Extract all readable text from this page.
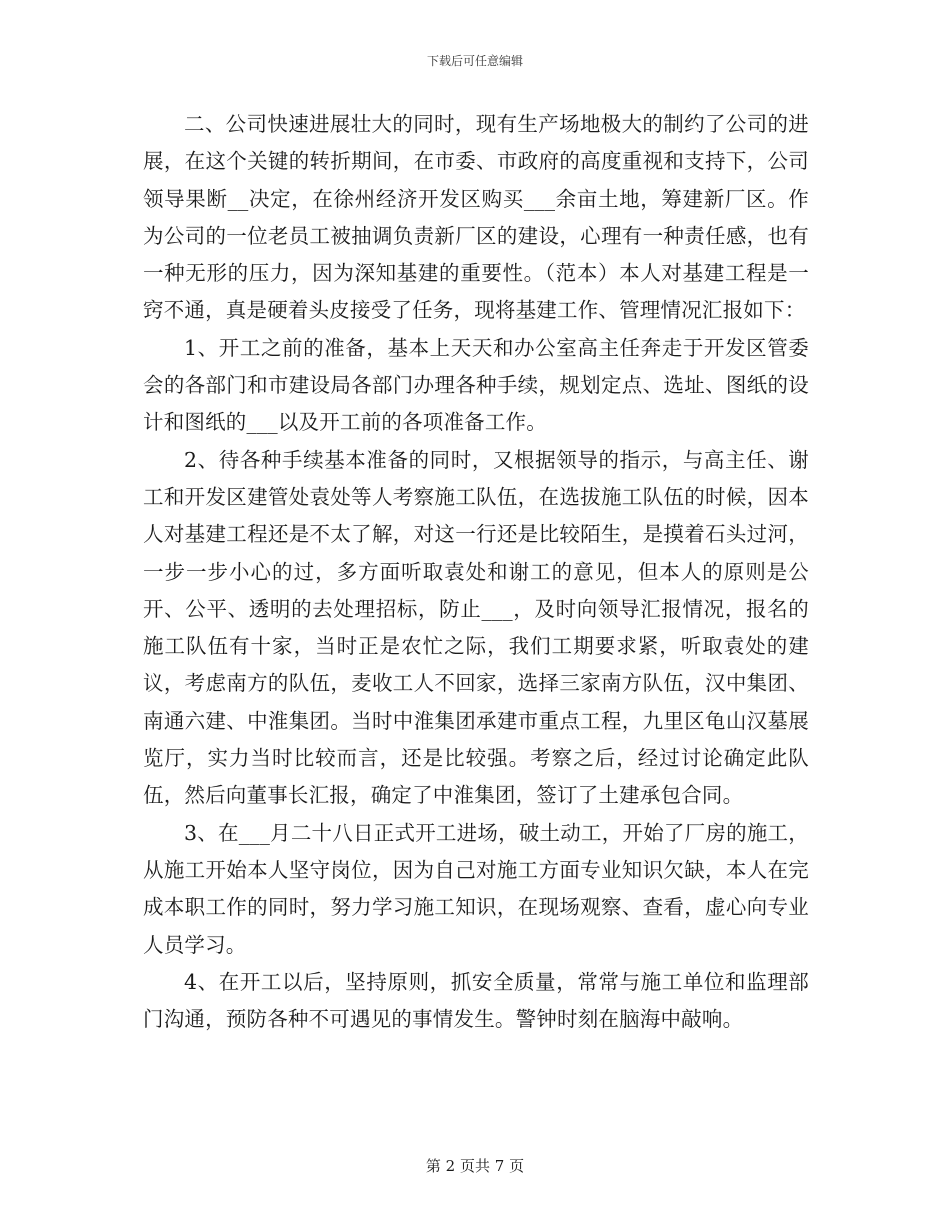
下载后可任意编辑

二、公司快速进展壮大的同时，现有生产场地极大的制约了公司的进展，在这个关键的转折期间，在市委、市政府的高度重视和支持下，公司领导果断__决定，在徐州经济开发区购买___余亩土地，筹建新厂区。作为公司的一位老员工被抽调负责新厂区的建设，心理有一种责任感，也有一种无形的压力，因为深知基建的重要性。（范本）本人对基建工程是一窍不通，真是硬着头皮接受了任务，现将基建工作、管理情况汇报如下：

1、开工之前的准备，基本上天天和办公室高主任奔走于开发区管委会的各部门和市建设局各部门办理各种手续，规划定点、选址、图纸的设计和图纸的___以及开工前的各项准备工作。

2、待各种手续基本准备的同时，又根据领导的指示，与高主任、谢工和开发区建管处袁处等人考察施工队伍，在选拔施工队伍的时候，因本人对基建工程还是不太了解，对这一行还是比较陌生，是摸着石头过河，一步一步小心的过，多方面听取袁处和谢工的意见，但本人的原则是公开、公平、透明的去处理招标，防止___，及时向领导汇报情况，报名的施工队伍有十家，当时正是农忙之际，我们工期要求紧，听取袁处的建议，考虑南方的队伍，麦收工人不回家，选择三家南方队伍，汉中集团、南通六建、中淮集团。当时中淮集团承建市重点工程，九里区龟山汉墓展览厅，实力当时比较而言，还是比较强。考察之后，经过讨论确定此队伍，然后向董事长汇报，确定了中淮集团，签订了土建承包合同。

3、在___月二十八日正式开工进场，破土动工，开始了厂房的施工，从施工开始本人坚守岗位，因为自己对施工方面专业知识欠缺，本人在完成本职工作的同时，努力学习施工知识，在现场观察、查看，虚心向专业人员学习。

4、在开工以后，坚持原则，抓安全质量，常常与施工单位和监理部门沟通，预防各种不可遇见的事情发生。警钟时刻在脑海中敲响。

第 2 页共 7 页
